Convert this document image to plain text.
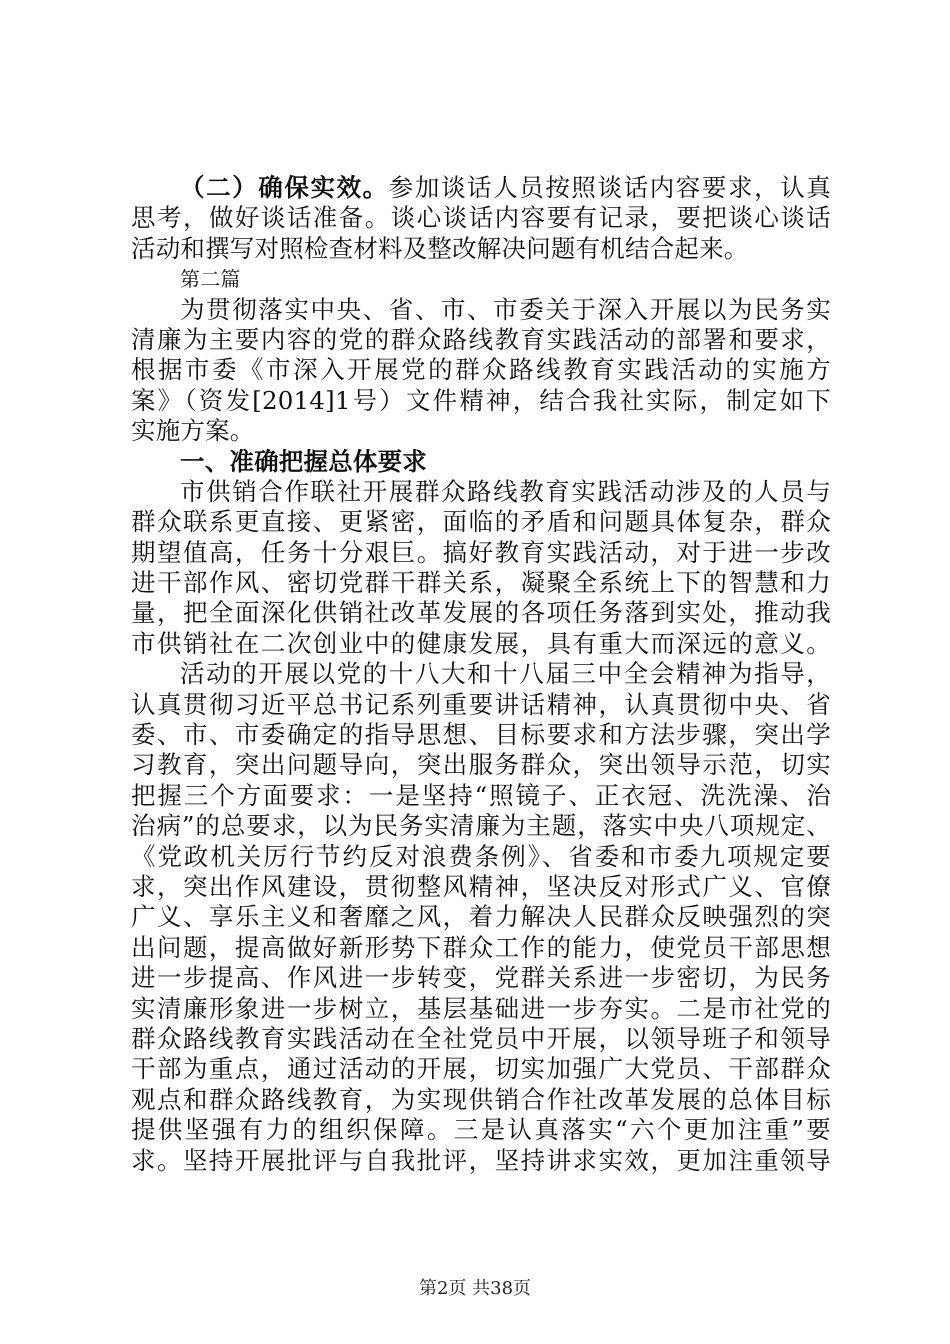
（二）确保实效。参加谈话人员按照谈话内容要求，认真
思考，做好谈话准备。谈心谈话内容要有记录，要把谈心谈话
活动和撰写对照检查材料及整改解决问题有机结合起来。
第二篇
为贯彻落实中央、省、市、市委关于深入开展以为民务实
清廉为主要内容的党的群众路线教育实践活动的部署和要求，
根据市委《市深入开展党的群众路线教育实践活动的实施方
案》（资发[2014]1号）文件精神，结合我社实际，制定如下
实施方案。
一、准确把握总体要求
市供销合作联社开展群众路线教育实践活动涉及的人员与
群众联系更直接、更紧密，面临的矛盾和问题具体复杂，群众
期望值高，任务十分艰巨。搞好教育实践活动，对于进一步改
进干部作风、密切党群干群关系，凝聚全系统上下的智慧和力
量，把全面深化供销社改革发展的各项任务落到实处，推动我
市供销社在二次创业中的健康发展，具有重大而深远的意义。
活动的开展以党的十八大和十八届三中全会精神为指导，
认真贯彻习近平总书记系列重要讲话精神，认真贯彻中央、省
委、市、市委确定的指导思想、目标要求和方法步骤，突出学
习教育，突出问题导向，突出服务群众，突出领导示范，切实
把握三个方面要求：一是坚持“照镜子、正衣冠、洗洗澡、治
治病”的总要求，以为民务实清廉为主题，落实中央八项规定、
《党政机关厉行节约反对浪费条例》、省委和市委九项规定要
求，突出作风建设，贯彻整风精神，坚决反对形式广义、官僚
广义、享乐主义和奢靡之风，着力解决人民群众反映强烈的突
出问题，提高做好新形势下群众工作的能力，使党员干部思想
进一步提高、作风进一步转变，党群关系进一步密切，为民务
实清廉形象进一步树立，基层基础进一步夯实。二是市社党的
群众路线教育实践活动在全社党员中开展，以领导班子和领导
干部为重点，通过活动的开展，切实加强广大党员、干部群众
观点和群众路线教育，为实现供销合作社改革发展的总体目标
提供坚强有力的组织保障。三是认真落实“六个更加注重”要
求。坚持开展批评与自我批评，坚持讲求实效，更加注重领导
第2页 共38页
